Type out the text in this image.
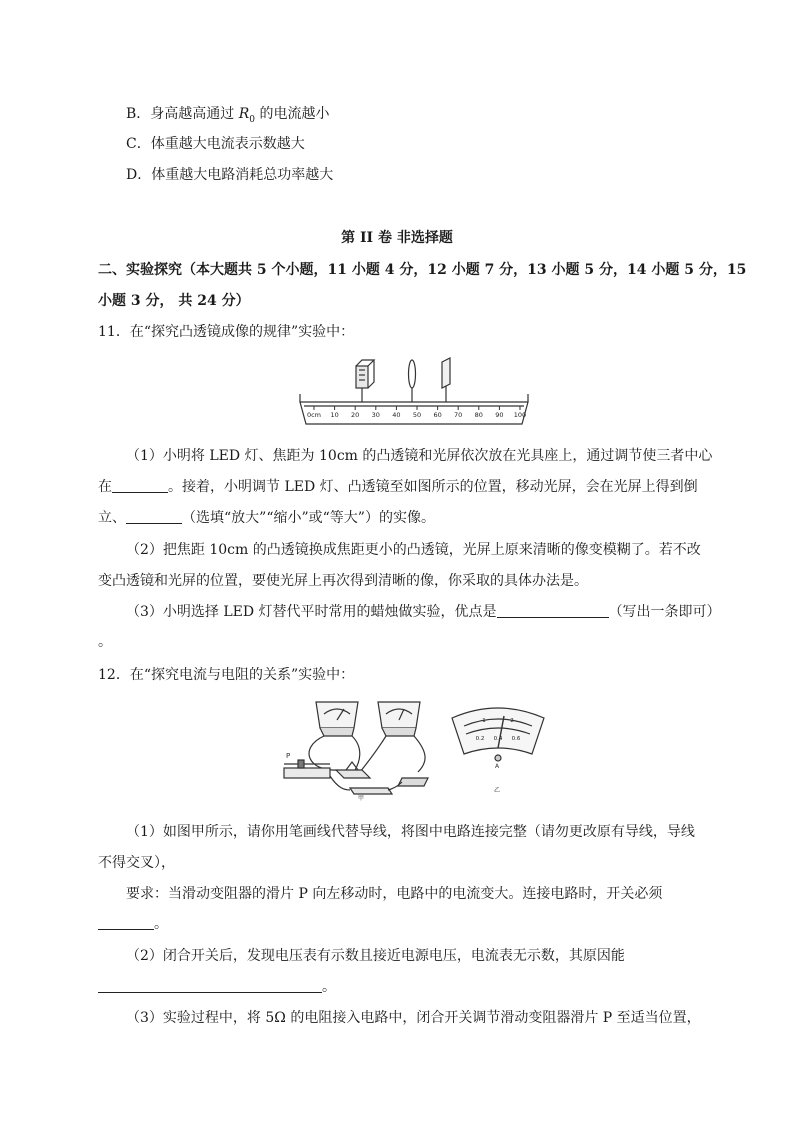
B．身高越高通过 $R_0$ 的电流越小
C．体重越大电流表示数越大
D．体重越大电路消耗总功率越大
第 II 卷 非选择题
二、实验探究（本大题共 5 个小题，11 小题 4 分，12 小题 7 分，13 小题 5 分，14 小题 5 分，15
小题 3 分， 共 24 分）
11．在“探究凸透镜成像的规律”实验中：
0cm 10 20 30 40 50 60 70 80 90 100
（1）小明将 LED 灯、焦距为 10cm 的凸透镜和光屏依次放在光具座上，通过调节使三者中心
在	。接着，小明调节 LED 灯、凸透镜至如图所示的位置，移动光屏，会在光屏上得到倒
立、	（选填“放大”“缩小”或“等大”）的实像。
（2）把焦距 10cm 的凸透镜换成焦距更小的凸透镜，光屏上原来清晰的像变模糊了。若不改
变凸透镜和光屏的位置，要使光屏上再次得到清晰的像，你采取的具体办法是。
（3）小明选择 LED 灯替代平时常用的蜡烛做实验，优点是	（写出一条即可）
。
12．在“探究电流与电阻的关系”实验中：
P
甲
0.2 0.4 0.6
1	2
A
乙
（1）如图甲所示，请你用笔画线代替导线，将图中电路连接完整（请勿更改原有导线，导线
不得交叉），
要求：当滑动变阻器的滑片 P 向左移动时，电路中的电流变大。连接电路时，开关必须
。
（2）闭合开关后，发现电压表有示数且接近电源电压，电流表无示数，其原因能
。
（3）实验过程中，将 5Ω 的电阻接入电路中，闭合开关调节滑动变阻器滑片 P 至适当位置，
